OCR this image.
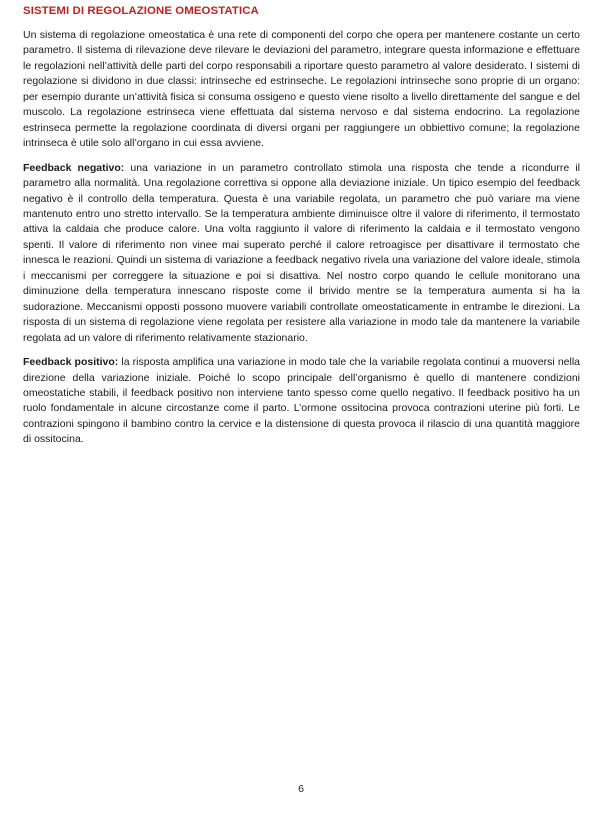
SISTEMI DI REGOLAZIONE OMEOSTATICA

Un sistema di regolazione omeostatica è una rete di componenti del corpo che opera per mantenere costante un certo parametro. Il sistema di rilevazione deve rilevare le deviazioni del parametro, integrare questa informazione e effettuare le regolazioni nell’attività delle parti del corpo responsabili a riportare questo parametro al valore desiderato. I sistemi di regolazione si dividono in due classi: intrinseche ed estrinseche. Le regolazioni intrinseche sono proprie di un organo: per esempio durante un’attività fisica si consuma ossigeno e questo viene risolto a livello direttamente del sangue e del muscolo. La regolazione estrinseca viene effettuata dal sistema nervoso e dal sistema endocrino. La regolazione estrinseca permette la regolazione coordinata di diversi organi per raggiungere un obbiettivo comune; la regolazione intrinseca è utile solo all’organo in cui essa avviene.

Feedback negativo: una variazione in un parametro controllato stimola una risposta che tende a ricondurre il parametro alla normalità. Una regolazione correttiva si oppone alla deviazione iniziale. Un tipico esempio del feedback negativo è il controllo della temperatura. Questa è una variabile regolata, un parametro che può variare ma viene mantenuto entro uno stretto intervallo. Se la temperatura ambiente diminuisce oltre il valore di riferimento, il termostato attiva la caldaia che produce calore. Una volta raggiunto il valore di riferimento la caldaia e il termostato vengono spenti. Il valore di riferimento non vinee mai superato perché il calore retroagisce per disattivare il termostato che innesca le reazioni. Quindi un sistema di variazione a feedback negativo rivela una variazione del valore ideale, stimola i meccanismi per correggere la situazione e poi si disattiva. Nel nostro corpo quando le cellule monitorano una diminuzione della temperatura innescano risposte come il brivido mentre se la temperatura aumenta si ha la sudorazione. Meccanismi opposti possono muovere variabili controllate omeostaticamente in entrambe le direzioni. La risposta di un sistema di regolazione viene regolata per resistere alla variazione in modo tale da mantenere la variabile regolata ad un valore di riferimento relativamente stazionario.

Feedback positivo: la risposta amplifica una variazione in modo tale che la variabile regolata continui a muoversi nella direzione della variazione iniziale. Poiché lo scopo principale dell’organismo è quello di mantenere condizioni omeostatiche stabili, il feedback positivo non interviene tanto spesso come quello negativo. Il feedback positivo ha un ruolo fondamentale in alcune circostanze come il parto. L’ormone ossitocina provoca contrazioni uterine più forti. Le contrazioni spingono il bambino contro la cervice e la distensione di questa provoca il rilascio di una quantità maggiore di ossitocina.

6
